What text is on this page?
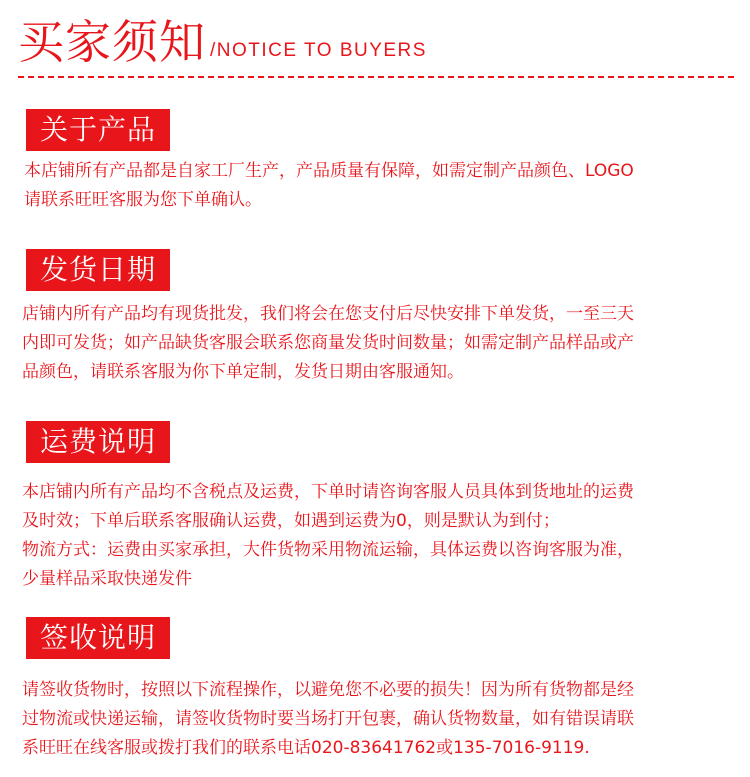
买家须知 /NOTICE TO BUYERS
关于产品
本店铺所有产品都是自家工厂生产，产品质量有保障，如需定制产品颜色、LOGO
请联系旺旺客服为您下单确认。
发货日期
店铺内所有产品均有现货批发，我们将会在您支付后尽快安排下单发货，一至三天
内即可发货；如产品缺货客服会联系您商量发货时间数量；如需定制产品样品或产
品颜色，请联系客服为你下单定制，发货日期由客服通知。
运费说明
本店铺内所有产品均不含税点及运费，下单时请咨询客服人员具体到货地址的运费
及时效；下单后联系客服确认运费，如遇到运费为0，则是默认为到付；
物流方式：运费由买家承担，大件货物采用物流运输，具体运费以咨询客服为准，
少量样品采取快递发件
签收说明
请签收货物时，按照以下流程操作，以避免您不必要的损失！因为所有货物都是经
过物流或快递运输，请签收货物时要当场打开包裹，确认货物数量，如有错误请联
系旺旺在线客服或拨打我们的联系电话020-83641762或135-7016-9119.
